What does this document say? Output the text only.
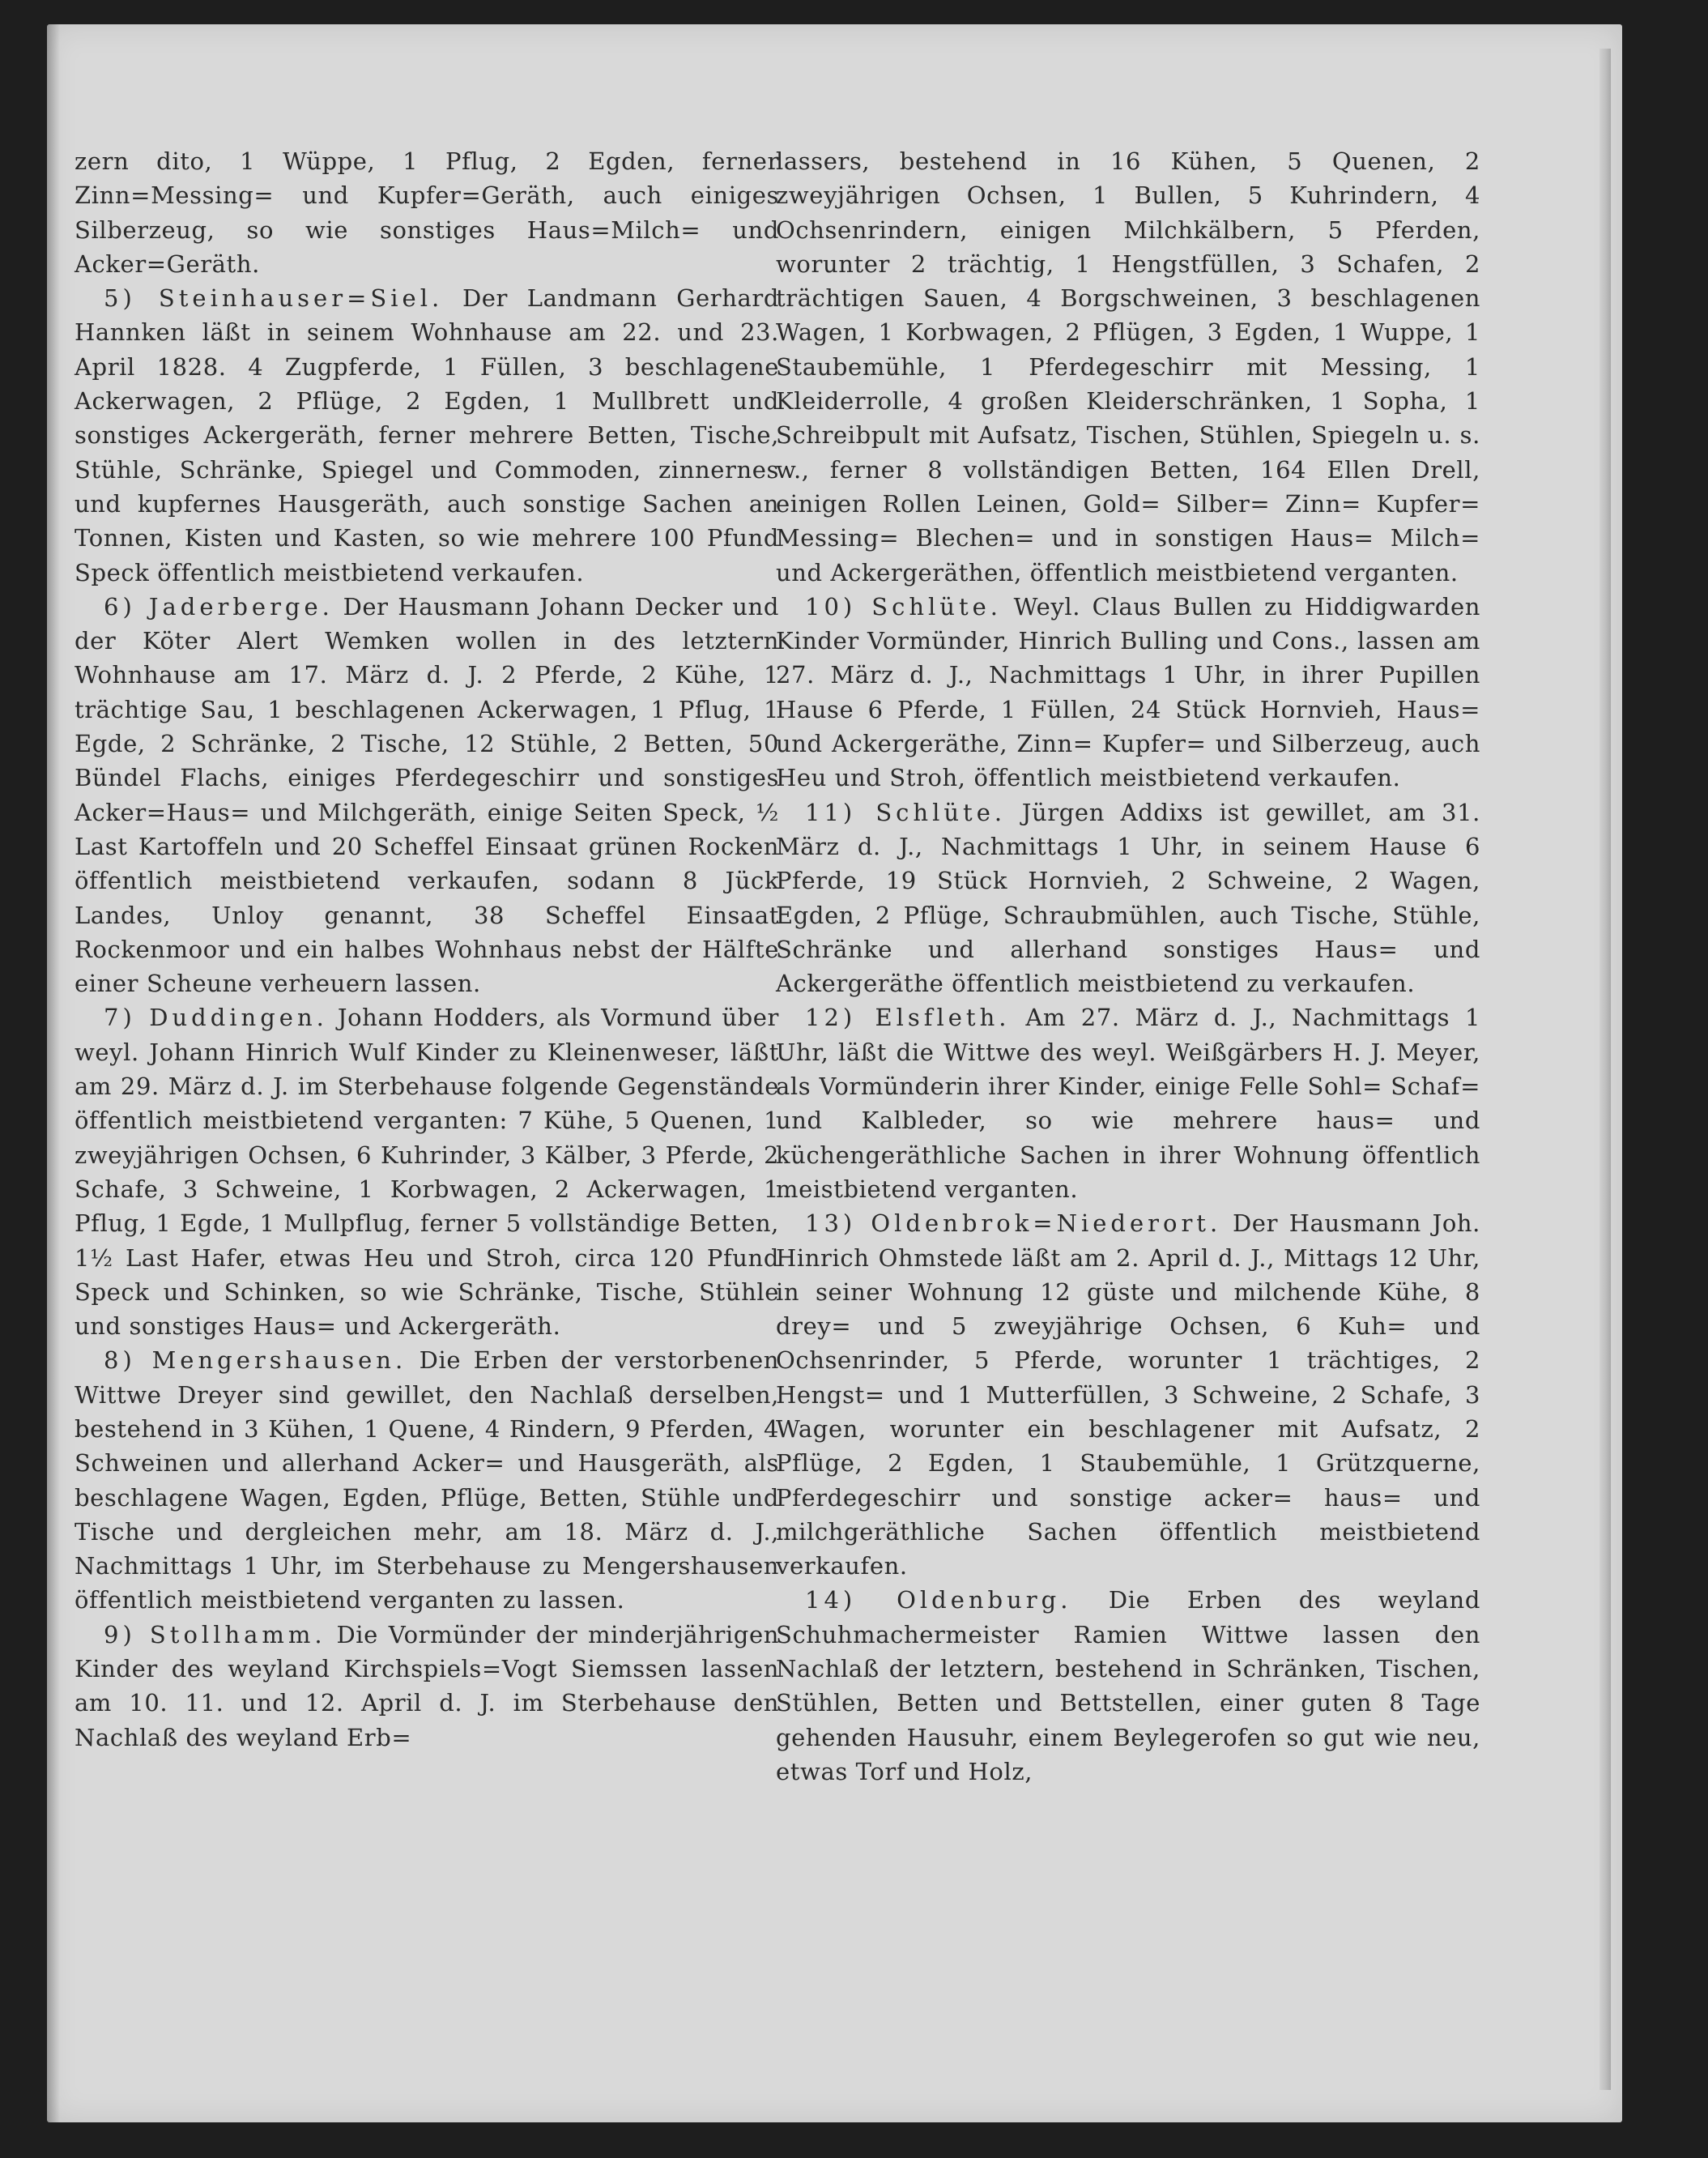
zern dito, 1 Wüppe, 1 Pflug, 2 Egden, ferner Zinn=Messing= und Kupfer=Geräth, auch einiges Silberzeug, so wie sonstiges Haus=Milch= und Acker=Geräth.

5) Steinhauser=Siel. Der Landmann Gerhard Hannken läßt in seinem Wohnhause am 22. und 23. April 1828. 4 Zugpferde, 1 Füllen, 3 beschlagene Ackerwagen, 2 Pflüge, 2 Egden, 1 Mullbrett und sonstiges Ackergeräth, ferner mehrere Betten, Tische, Stühle, Schränke, Spiegel und Commoden, zinnernes und kupfernes Hausgeräth, auch sonstige Sachen an Tonnen, Kisten und Kasten, so wie mehrere 100 Pfund Speck öffentlich meistbietend verkaufen.

6) Jaderberge. Der Hausmann Johann Decker und der Köter Alert Wemken wollen in des letztern Wohnhause am 17. März d. J. 2 Pferde, 2 Kühe, 1 trächtige Sau, 1 beschlagenen Ackerwagen, 1 Pflug, 1 Egde, 2 Schränke, 2 Tische, 12 Stühle, 2 Betten, 50 Bündel Flachs, einiges Pferdegeschirr und sonstiges Acker=Haus= und Milchgeräth, einige Seiten Speck, ½ Last Kartoffeln und 20 Scheffel Einsaat grünen Rocken öffentlich meistbietend verkaufen, sodann 8 Jück Landes, Unloy genannt, 38 Scheffel Einsaat Rockenmoor und ein halbes Wohnhaus nebst der Hälfte einer Scheune verheuern lassen.

7) Duddingen. Johann Hodders, als Vormund über weyl. Johann Hinrich Wulf Kinder zu Kleinenweser, läßt am 29. März d. J. im Sterbehause folgende Gegenstände öffentlich meistbietend verganten: 7 Kühe, 5 Quenen, 1 zweyjährigen Ochsen, 6 Kuhrinder, 3 Kälber, 3 Pferde, 2 Schafe, 3 Schweine, 1 Korbwagen, 2 Ackerwagen, 1 Pflug, 1 Egde, 1 Mullpflug, ferner 5 vollständige Betten, 1½ Last Hafer, etwas Heu und Stroh, circa 120 Pfund Speck und Schinken, so wie Schränke, Tische, Stühle und sonstiges Haus= und Ackergeräth.

8) Mengershausen. Die Erben der verstorbenen Wittwe Dreyer sind gewillet, den Nachlaß derselben, bestehend in 3 Kühen, 1 Quene, 4 Rindern, 9 Pferden, 4 Schweinen und allerhand Acker= und Hausgeräth, als beschlagene Wagen, Egden, Pflüge, Betten, Stühle und Tische und dergleichen mehr, am 18. März d. J., Nachmittags 1 Uhr, im Sterbehause zu Mengershausen öffentlich meistbietend verganten zu lassen.

9) Stollhamm. Die Vormünder der minderjährigen Kinder des weyland Kirchspiels=Vogt Siemssen lassen am 10. 11. und 12. April d. J. im Sterbehause den Nachlaß des weyland Erb=

lassers, bestehend in 16 Kühen, 5 Quenen, 2 zweyjährigen Ochsen, 1 Bullen, 5 Kuhrindern, 4 Ochsenrindern, einigen Milchkälbern, 5 Pferden, worunter 2 trächtig, 1 Hengstfüllen, 3 Schafen, 2 trächtigen Sauen, 4 Borgschweinen, 3 beschlagenen Wagen, 1 Korbwagen, 2 Pflügen, 3 Egden, 1 Wuppe, 1 Staubemühle, 1 Pferdegeschirr mit Messing, 1 Kleiderrolle, 4 großen Kleiderschränken, 1 Sopha, 1 Schreibpult mit Aufsatz, Tischen, Stühlen, Spiegeln u. s. w., ferner 8 vollständigen Betten, 164 Ellen Drell, einigen Rollen Leinen, Gold= Silber= Zinn= Kupfer= Messing= Blechen= und in sonstigen Haus= Milch= und Ackergeräthen, öffentlich meistbietend verganten.

10) Schlüte. Weyl. Claus Bullen zu Hiddigwarden Kinder Vormünder, Hinrich Bulling und Cons., lassen am 27. März d. J., Nachmittags 1 Uhr, in ihrer Pupillen Hause 6 Pferde, 1 Füllen, 24 Stück Hornvieh, Haus= und Ackergeräthe, Zinn= Kupfer= und Silberzeug, auch Heu und Stroh, öffentlich meistbietend verkaufen.

11) Schlüte. Jürgen Addixs ist gewillet, am 31. März d. J., Nachmittags 1 Uhr, in seinem Hause 6 Pferde, 19 Stück Hornvieh, 2 Schweine, 2 Wagen, Egden, 2 Pflüge, Schraubmühlen, auch Tische, Stühle, Schränke und allerhand sonstiges Haus= und Ackergeräthe öffentlich meistbietend zu verkaufen.

12) Elsfleth. Am 27. März d. J., Nachmittags 1 Uhr, läßt die Wittwe des weyl. Weißgärbers H. J. Meyer, als Vormünderin ihrer Kinder, einige Felle Sohl= Schaf= und Kalbleder, so wie mehrere haus= und küchengeräthliche Sachen in ihrer Wohnung öffentlich meistbietend verganten.

13) Oldenbrok=Niederort. Der Hausmann Joh. Hinrich Ohmstede läßt am 2. April d. J., Mittags 12 Uhr, in seiner Wohnung 12 güste und milchende Kühe, 8 drey= und 5 zweyjährige Ochsen, 6 Kuh= und Ochsenrinder, 5 Pferde, worunter 1 trächtiges, 2 Hengst= und 1 Mutterfüllen, 3 Schweine, 2 Schafe, 3 Wagen, worunter ein beschlagener mit Aufsatz, 2 Pflüge, 2 Egden, 1 Staubemühle, 1 Grützquerne, Pferdegeschirr und sonstige acker= haus= und milchgeräthliche Sachen öffentlich meistbietend verkaufen.

14) Oldenburg. Die Erben des weyland Schuhmachermeister Ramien Wittwe lassen den Nachlaß der letztern, bestehend in Schränken, Tischen, Stühlen, Betten und Bettstellen, einer guten 8 Tage gehenden Hausuhr, einem Beylegerofen so gut wie neu, etwas Torf und Holz,
